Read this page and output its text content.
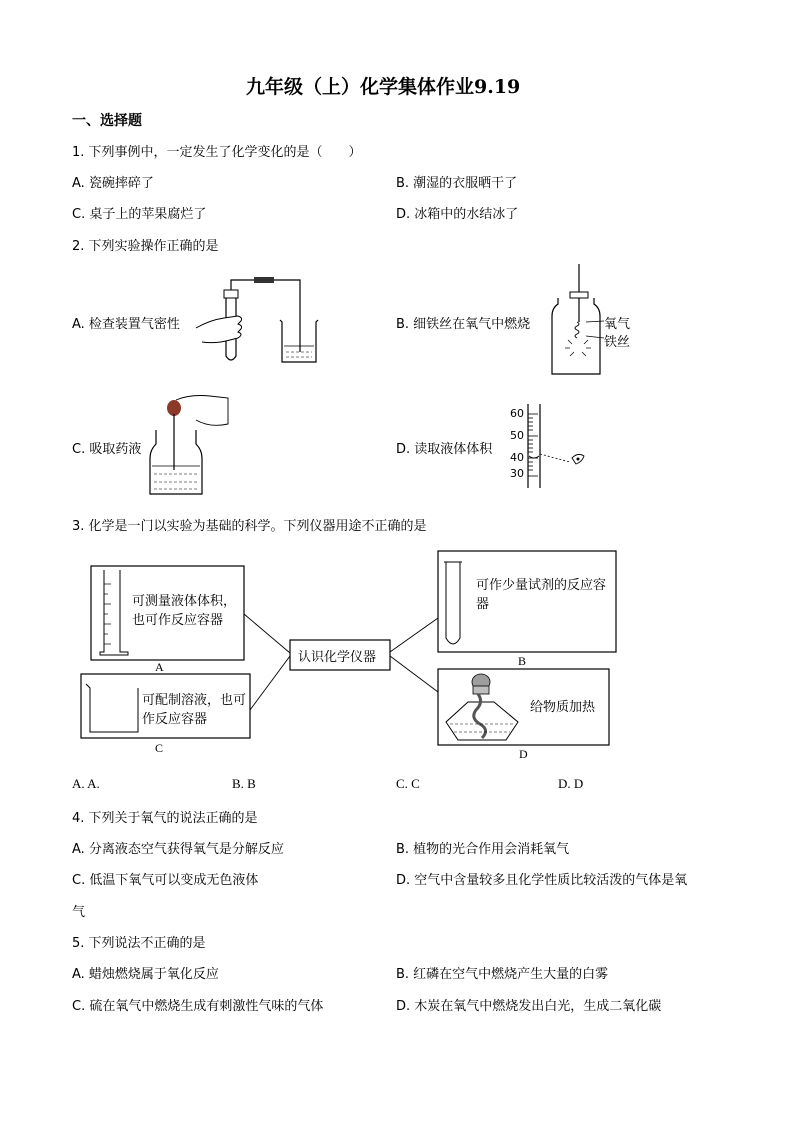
九年级（上）化学集体作业9.19
一、选择题
1. 下列事例中，一定发生了化学变化的是（　　）
A. 瓷碗摔碎了	B. 潮湿的衣服晒干了
C. 桌子上的苹果腐烂了	D. 冰箱中的水结冰了
2. 下列实验操作正确的是
A. 检查装置气密性	B. 细铁丝在氧气中燃烧	氧气
铁丝
C. 吸取药液	D. 读取液体体积
60
50
40
30
3. 化学是一门以实验为基础的科学。下列仪器用途不正确的是
可测量液体体积，也可作反应容器
可作少量试剂的反应容器
可配制溶液，也可作反应容器
给物质加热
认识化学仪器
A	B
C	D
A. A.	B. B	C. C	D. D
4. 下列关于氧气的说法正确的是
A. 分离液态空气获得氧气是分解反应	B. 植物的光合作用会消耗氧气
C. 低温下氧气可以变成无色液体	D. 空气中含量较多且化学性质比较活泼的气体是氧
气
5. 下列说法不正确的是
A. 蜡烛燃烧属于氧化反应	B. 红磷在空气中燃烧产生大量的白雾
C. 硫在氧气中燃烧生成有刺激性气味的气体	D. 木炭在氧气中燃烧发出白光，生成二氧化碳
